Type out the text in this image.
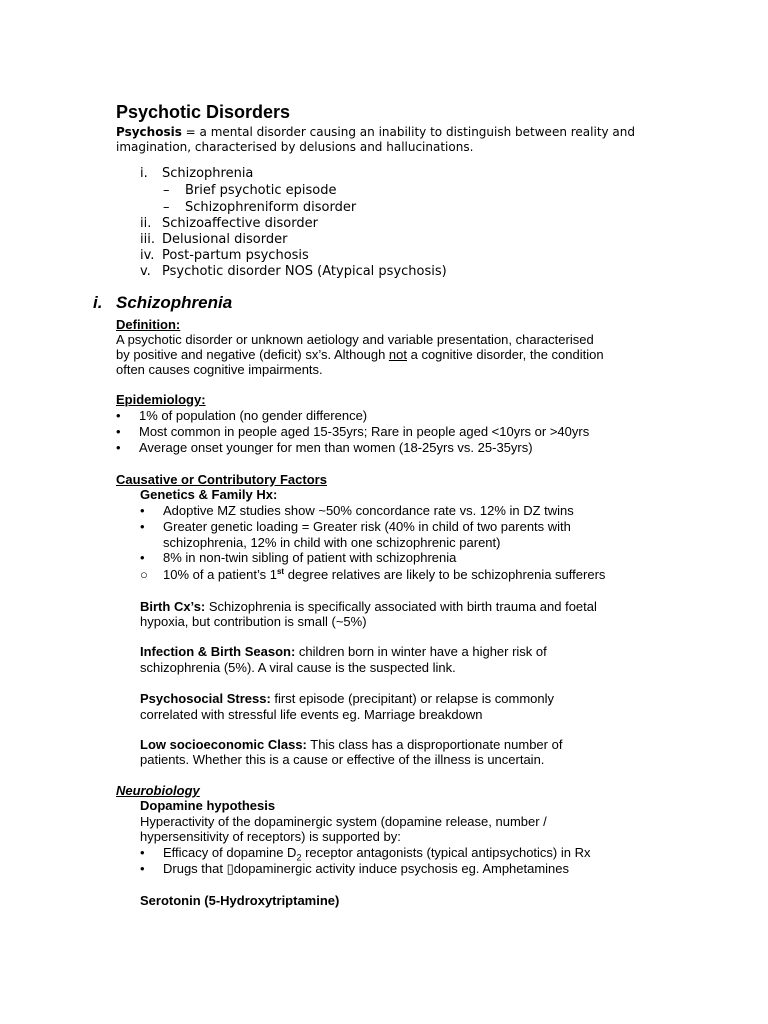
Psychotic Disorders
Psychosis = a mental disorder causing an inability to distinguish between reality and
imagination, characterised by delusions and hallucinations.
i. Schizophrenia
– Brief psychotic episode
– Schizophreniform disorder
ii. Schizoaffective disorder
iii. Delusional disorder
iv. Post-partum psychosis
v. Psychotic disorder NOS (Atypical psychosis)
i. Schizophrenia
Definition:
A psychotic disorder or unknown aetiology and variable presentation, characterised
by positive and negative (deficit) sx’s. Although not a cognitive disorder, the condition
often causes cognitive impairments.
Epidemiology:
• 1% of population (no gender difference)
• Most common in people aged 15-35yrs; Rare in people aged <10yrs or >40yrs
• Average onset younger for men than women (18-25yrs vs. 25-35yrs)
Causative or Contributory Factors
Genetics & Family Hx:
• Adoptive MZ studies show ~50% concordance rate vs. 12% in DZ twins
• Greater genetic loading = Greater risk (40% in child of two parents with
schizophrenia, 12% in child with one schizophrenic parent)
• 8% in non-twin sibling of patient with schizophrenia
○ 10% of a patient’s 1st degree relatives are likely to be schizophrenia sufferers
Birth Cx’s: Schizophrenia is specifically associated with birth trauma and foetal
hypoxia, but contribution is small (~5%)
Infection & Birth Season: children born in winter have a higher risk of
schizophrenia (5%). A viral cause is the suspected link.
Psychosocial Stress: first episode (precipitant) or relapse is commonly
correlated with stressful life events eg. Marriage breakdown
Low socioeconomic Class: This class has a disproportionate number of
patients. Whether this is a cause or effective of the illness is uncertain.
Neurobiology
Dopamine hypothesis
Hyperactivity of the dopaminergic system (dopamine release, number /
hypersensitivity of receptors) is supported by:
• Efficacy of dopamine $D_2$ receptor antagonists (typical antipsychotics) in Rx
• Drugs that ▯dopaminergic activity induce psychosis eg. Amphetamines
Serotonin (5-Hydroxytriptamine)
